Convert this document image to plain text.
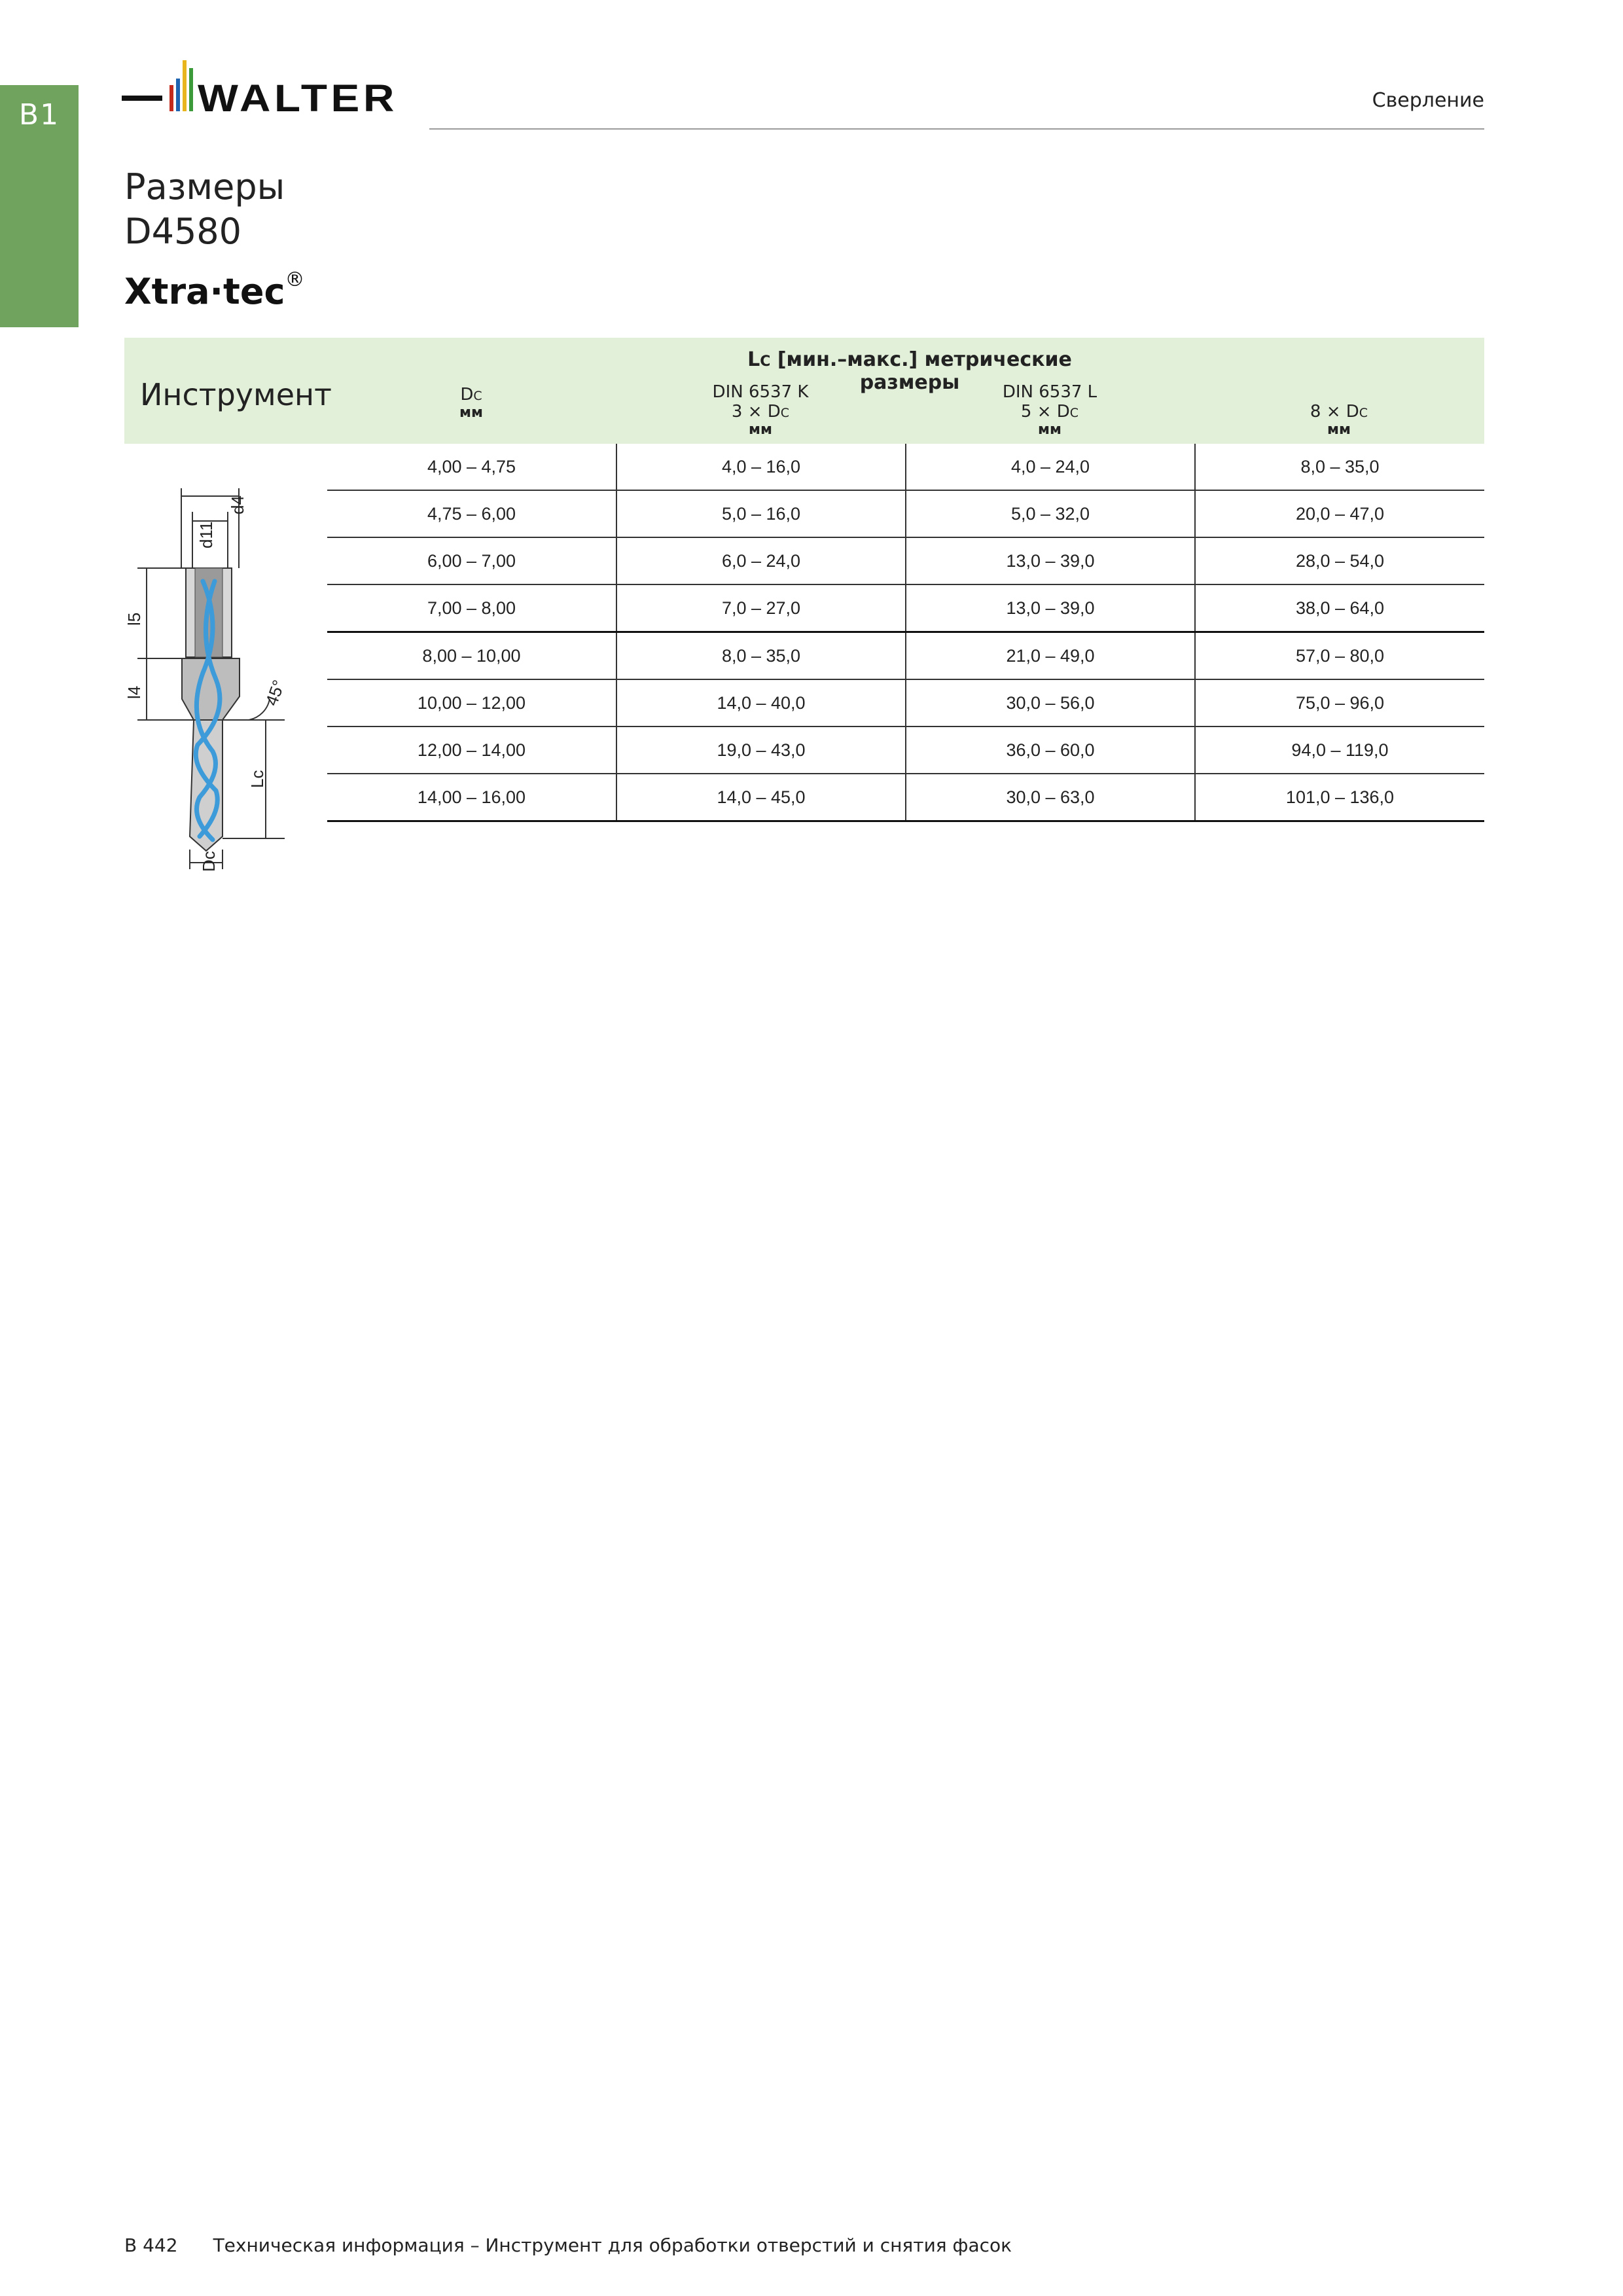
B1	WALTER	Сверление
Размеры
D4580
Xtra·tec®
Инструмент
LC [мин.–макс.] метрические размеры
DC
мм
DIN 6537 K
3 × DC
мм
DIN 6537 L
5 × DC
мм
8 × DC
мм
d4
d11
l5
l4	45°
Lc
Dc
4,00 – 4,75	4,0 – 16,0	4,0 – 24,0	8,0 – 35,0
4,75 – 6,00	5,0 – 16,0	5,0 – 32,0	20,0 – 47,0
6,00 – 7,00	6,0 – 24,0	13,0 – 39,0	28,0 – 54,0
7,00 – 8,00	7,0 – 27,0	13,0 – 39,0	38,0 – 64,0
8,00 – 10,00	8,0 – 35,0	21,0 – 49,0	57,0 – 80,0
10,00 – 12,00	14,0 – 40,0	30,0 – 56,0	75,0 – 96,0
12,00 – 14,00	19,0 – 43,0	36,0 – 60,0	94,0 – 119,0
14,00 – 16,00	14,0 – 45,0	30,0 – 63,0	101,0 – 136,0
B 442 Техническая информация – Инструмент для обработки отверстий и снятия фасок
